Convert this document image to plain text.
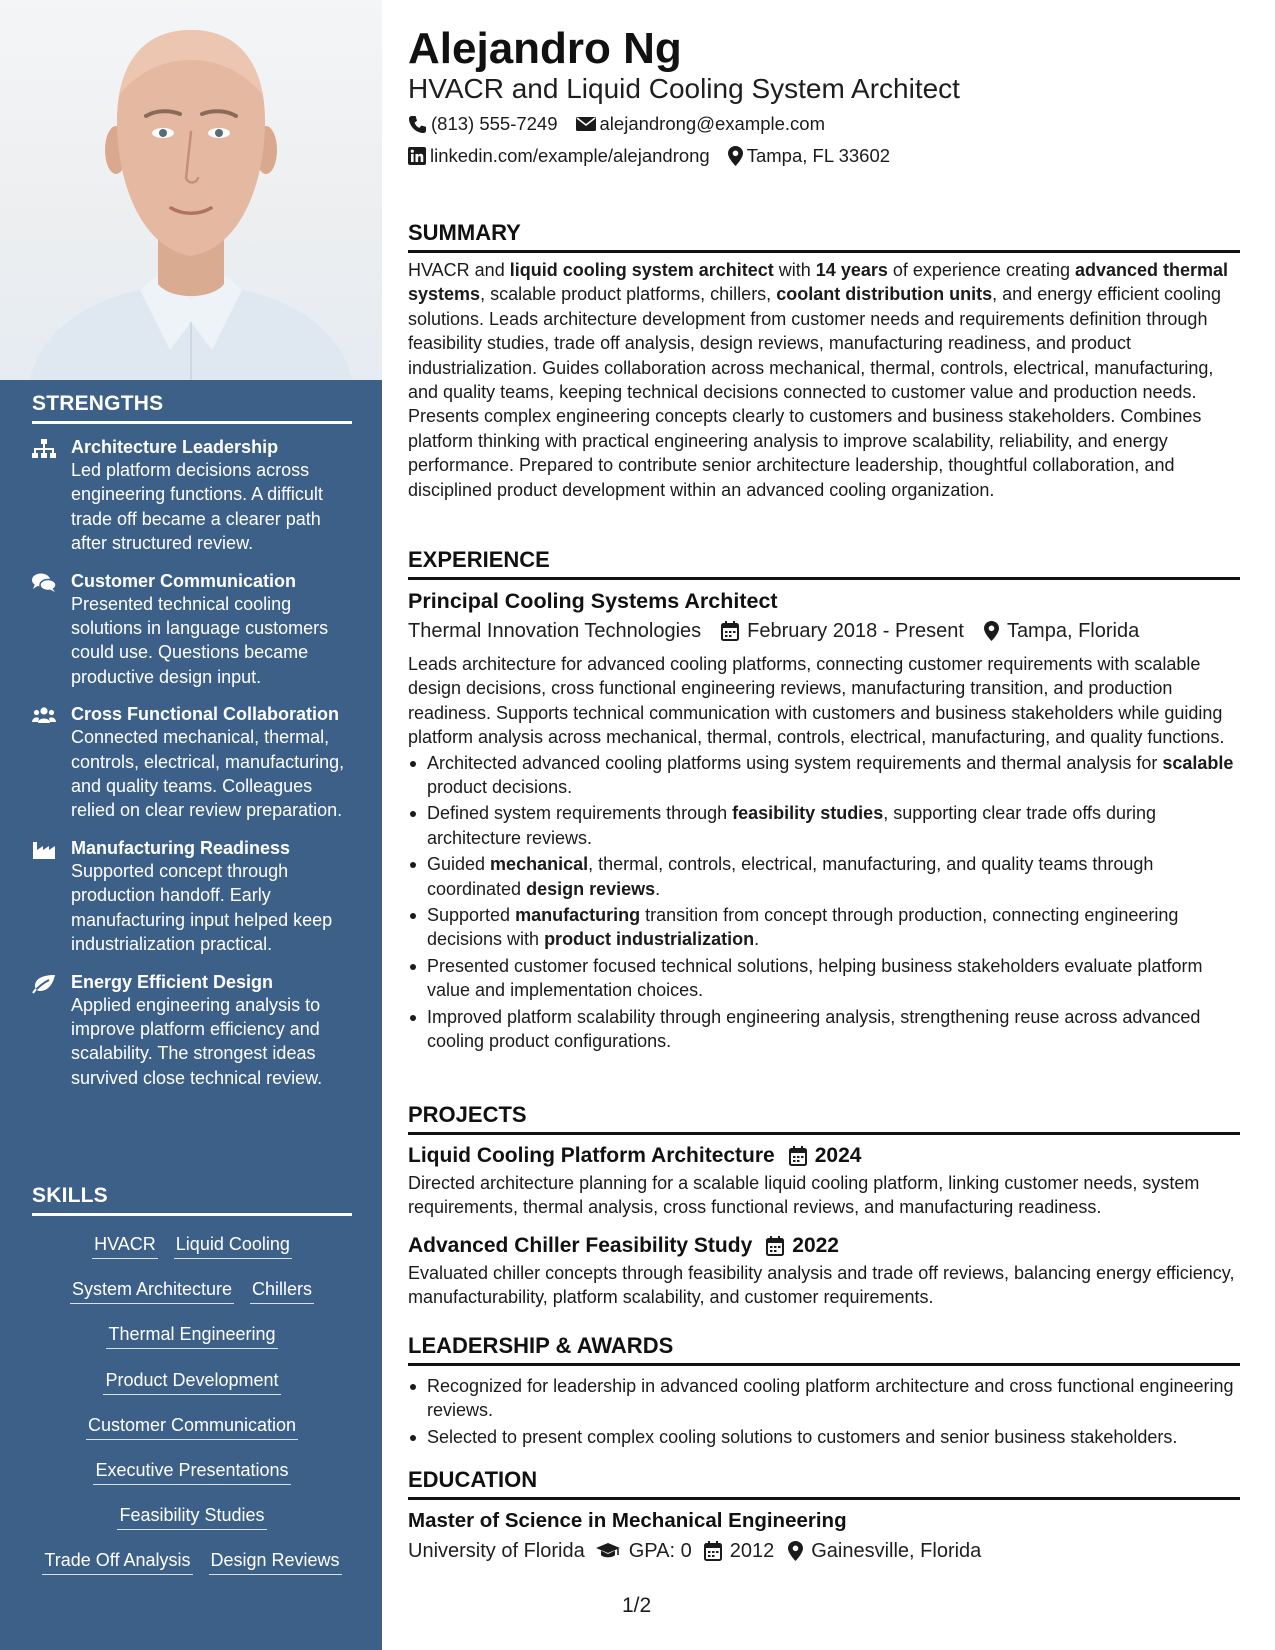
STRENGTHS
Architecture Leadership
Led platform decisions across engineering functions. A difficult trade off became a clearer path after structured review.
Customer Communication
Presented technical cooling solutions in language customers could use. Questions became productive design input.
Cross Functional Collaboration
Connected mechanical, thermal, controls, electrical, manufacturing, and quality teams. Colleagues relied on clear review preparation.
Manufacturing Readiness
Supported concept through production handoff. Early manufacturing input helped keep industrialization practical.
Energy Efficient Design
Applied engineering analysis to improve platform efficiency and scalability. The strongest ideas survived close technical review.
SKILLS
HVACR Liquid Cooling
System Architecture Chillers
Thermal Engineering
Product Development
Customer Communication
Executive Presentations
Feasibility Studies
Trade Off Analysis Design Reviews
Alejandro Ng
HVACR and Liquid Cooling System Architect
(813) 555-7249 alejandrong@example.com
linkedin.com/example/alejandrong Tampa, FL 33602
SUMMARY
HVACR and liquid cooling system architect with 14 years of experience creating advanced thermal systems, scalable product platforms, chillers, coolant distribution units, and energy efficient cooling solutions. Leads architecture development from customer needs and requirements definition through feasibility studies, trade off analysis, design reviews, manufacturing readiness, and product industrialization. Guides collaboration across mechanical, thermal, controls, electrical, manufacturing, and quality teams, keeping technical decisions connected to customer value and production needs. Presents complex engineering concepts clearly to customers and business stakeholders. Combines platform thinking with practical engineering analysis to improve scalability, reliability, and energy performance. Prepared to contribute senior architecture leadership, thoughtful collaboration, and disciplined product development within an advanced cooling organization.
EXPERIENCE
Principal Cooling Systems Architect
Thermal Innovation Technologies February 2018 - Present Tampa, Florida
Leads architecture for advanced cooling platforms, connecting customer requirements with scalable design decisions, cross functional engineering reviews, manufacturing transition, and production readiness. Supports technical communication with customers and business stakeholders while guiding platform analysis across mechanical, thermal, controls, electrical, manufacturing, and quality functions.
Architected advanced cooling platforms using system requirements and thermal analysis for scalable product decisions.
Defined system requirements through feasibility studies, supporting clear trade offs during architecture reviews.
Guided mechanical, thermal, controls, electrical, manufacturing, and quality teams through coordinated design reviews.
Supported manufacturing transition from concept through production, connecting engineering decisions with product industrialization.
Presented customer focused technical solutions, helping business stakeholders evaluate platform value and implementation choices.
Improved platform scalability through engineering analysis, strengthening reuse across advanced cooling product configurations.
PROJECTS
Liquid Cooling Platform Architecture 2024
Directed architecture planning for a scalable liquid cooling platform, linking customer needs, system requirements, thermal analysis, cross functional reviews, and manufacturing readiness.
Advanced Chiller Feasibility Study 2022
Evaluated chiller concepts through feasibility analysis and trade off reviews, balancing energy efficiency, manufacturability, platform scalability, and customer requirements.
LEADERSHIP & AWARDS
Recognized for leadership in advanced cooling platform architecture and cross functional engineering reviews.
Selected to present complex cooling solutions to customers and senior business stakeholders.
EDUCATION
Master of Science in Mechanical Engineering
University of Florida GPA: 0 2012 Gainesville, Florida
1/2
